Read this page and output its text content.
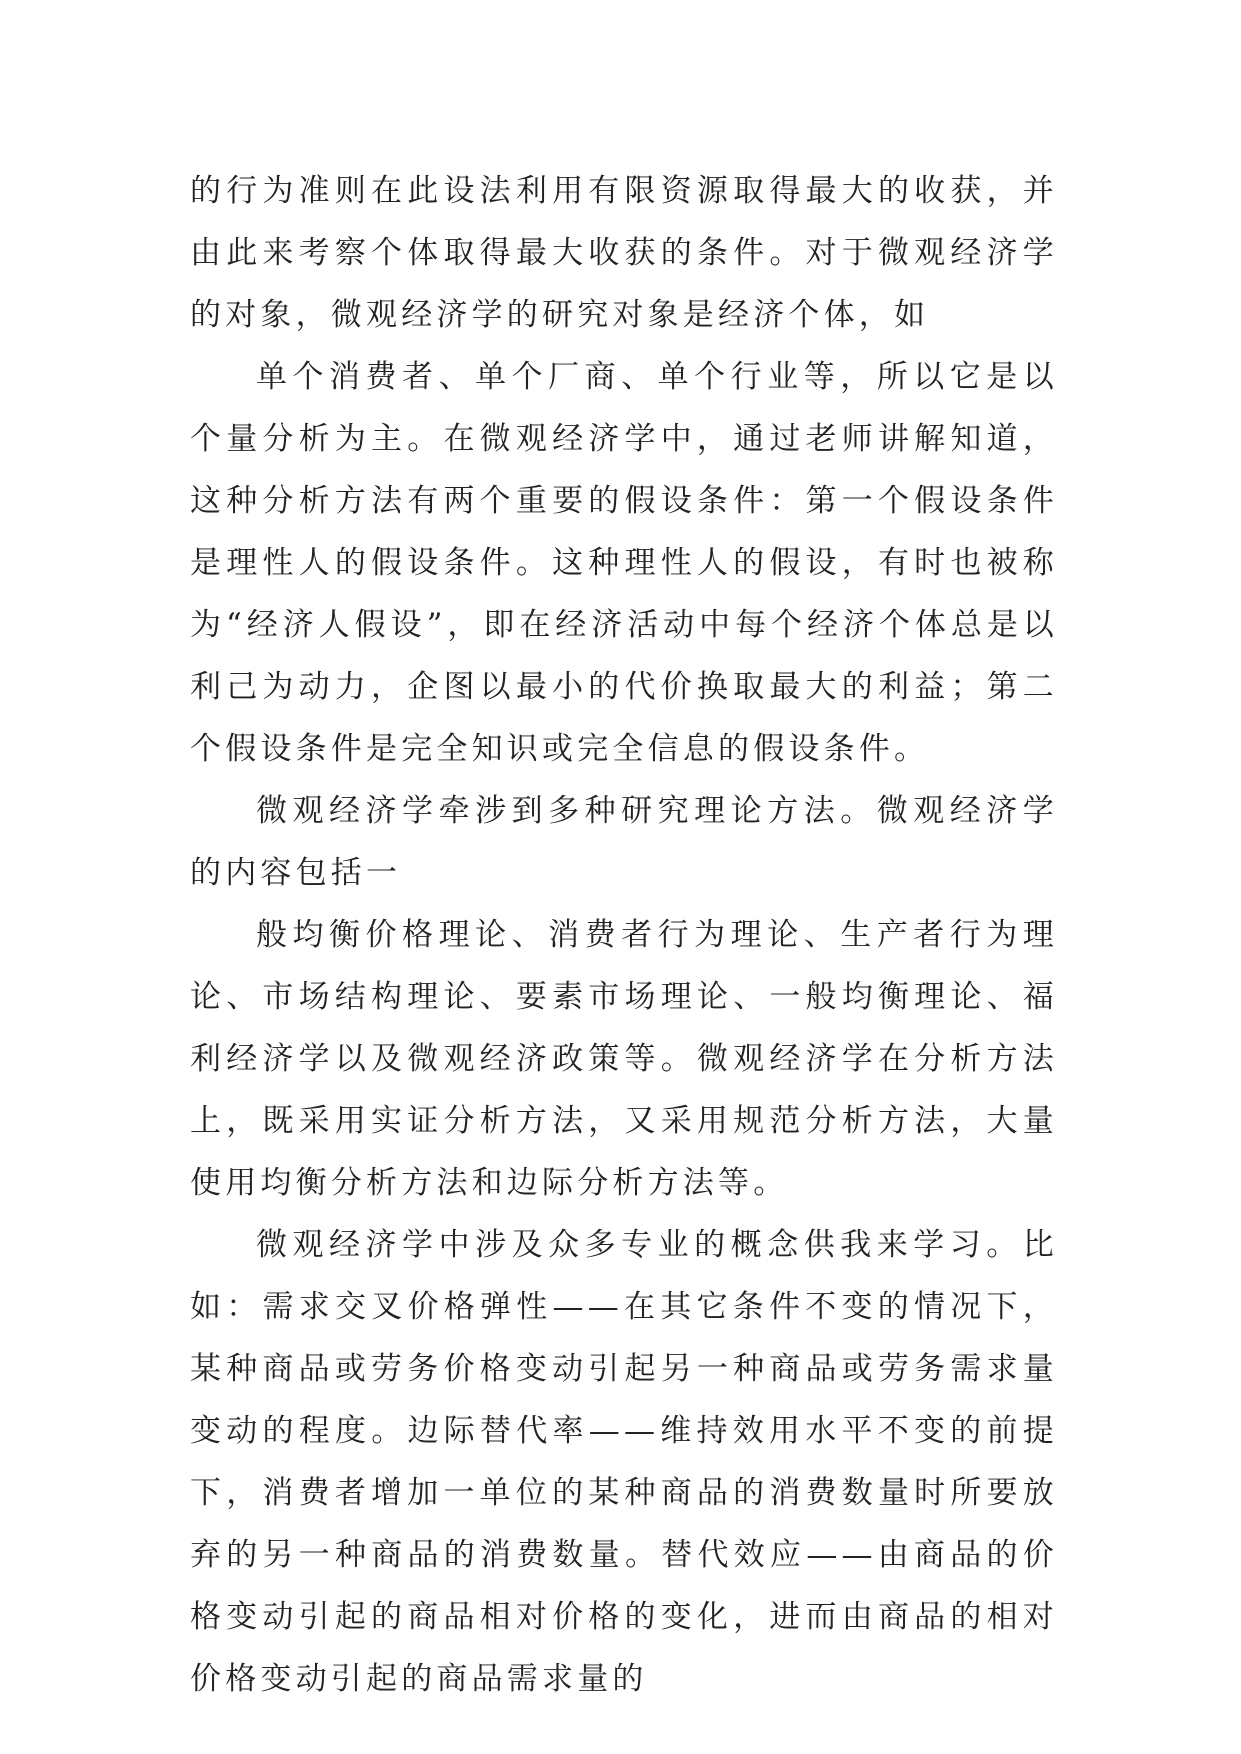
的行为准则在此设法利用有限资源取得最大的收获，并由此来考察个体取得最大收获的条件。对于微观经济学的对象，微观经济学的研究对象是经济个体，如

单个消费者、单个厂商、单个行业等，所以它是以个量分析为主。在微观经济学中，通过老师讲解知道，这种分析方法有两个重要的假设条件：第一个假设条件是理性人的假设条件。这种理性人的假设，有时也被称为“经济人假设”，即在经济活动中每个经济个体总是以利己为动力，企图以最小的代价换取最大的利益；第二个假设条件是完全知识或完全信息的假设条件。

微观经济学牵涉到多种研究理论方法。微观经济学的内容包括一

般均衡价格理论、消费者行为理论、生产者行为理论、市场结构理论、要素市场理论、一般均衡理论、福利经济学以及微观经济政策等。微观经济学在分析方法上，既采用实证分析方法，又采用规范分析方法，大量使用均衡分析方法和边际分析方法等。

微观经济学中涉及众多专业的概念供我来学习。比如：需求交叉价格弹性——在其它条件不变的情况下，某种商品或劳务价格变动引起另一种商品或劳务需求量变动的程度。边际替代率——维持效用水平不变的前提下，消费者增加一单位的某种商品的消费数量时所要放弃的另一种商品的消费数量。替代效应——由商品的价格变动引起的商品相对价格的变化，进而由商品的相对价格变动引起的商品需求量的
